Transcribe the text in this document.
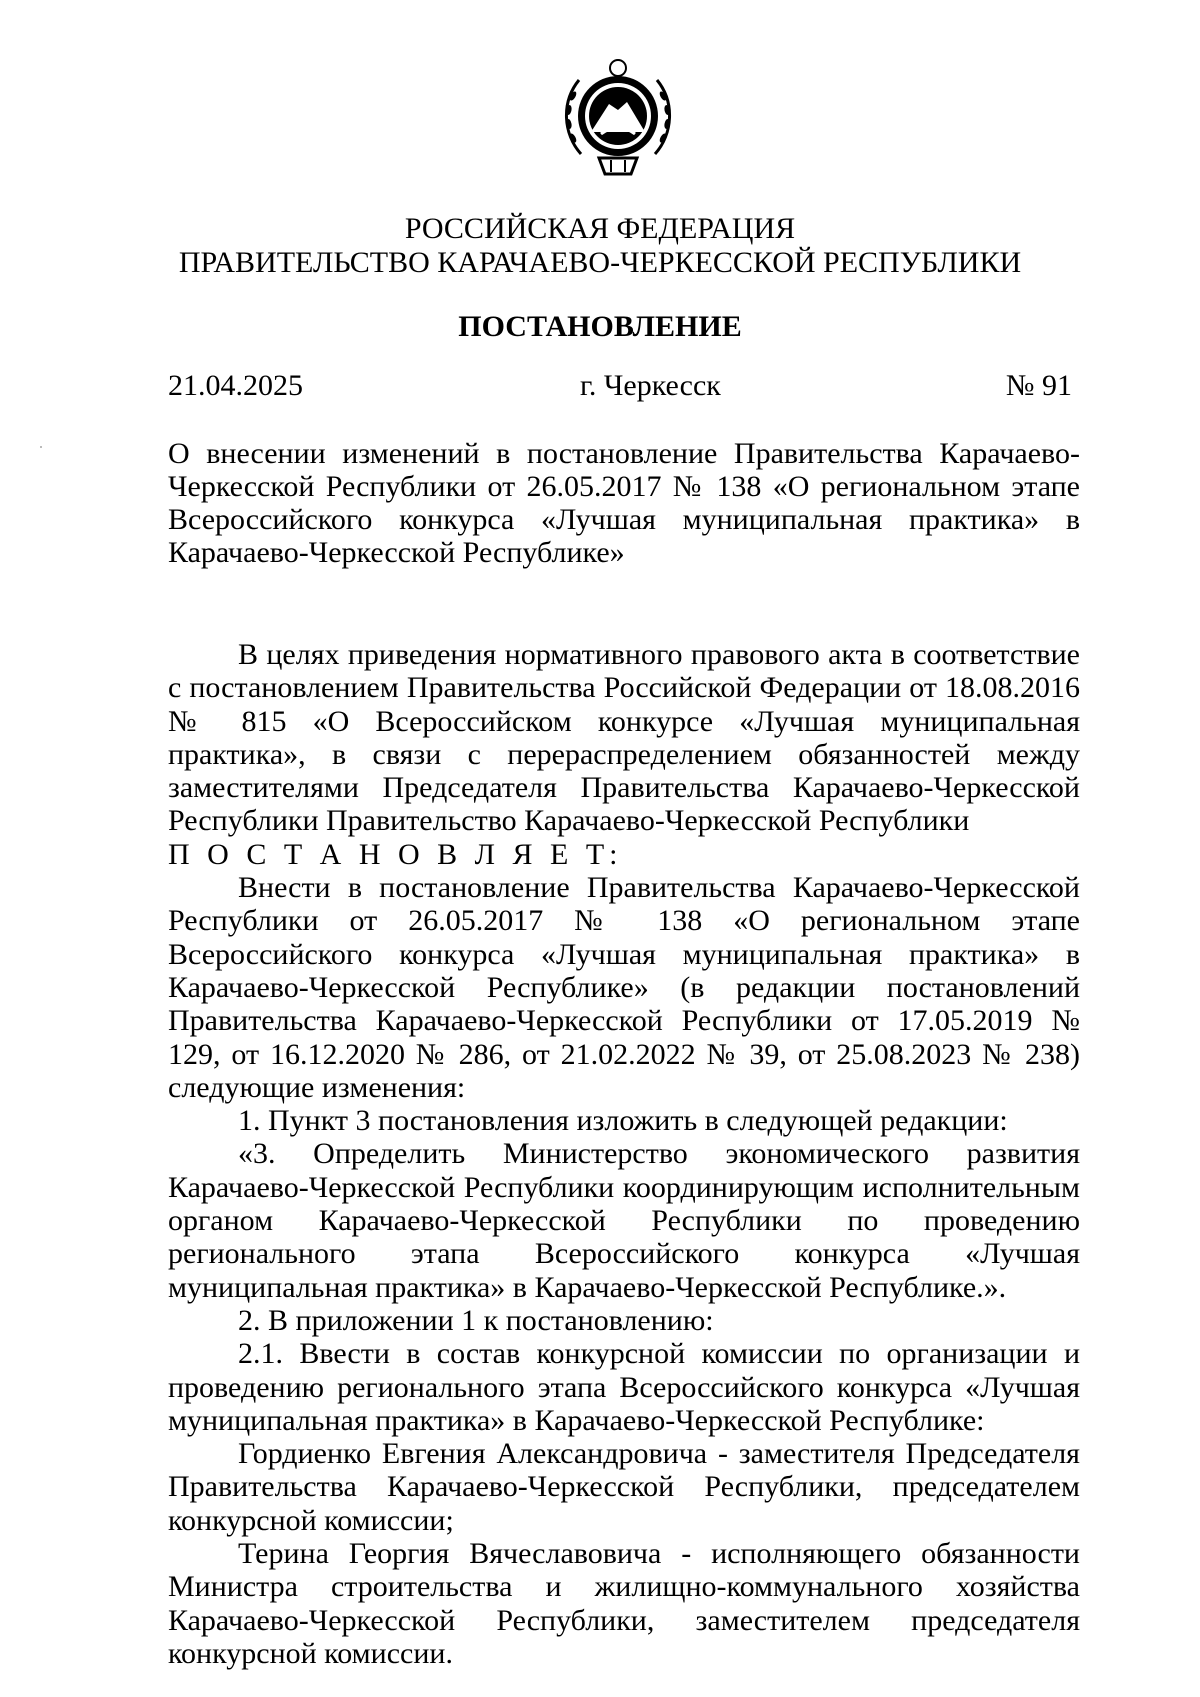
РОССИЙСКАЯ ФЕДЕРАЦИЯ
ПРАВИТЕЛЬСТВО КАРАЧАЕВО-ЧЕРКЕССКОЙ РЕСПУБЛИКИ
ПОСТАНОВЛЕНИЕ
21.04.2025	г. Черкесск	№ 91

О внесении изменений в постановление Правительства Карачаево-Черкесской Республики от 26.05.2017 № 138 «О региональном этапе Всероссийского конкурса «Лучшая муниципальная практика» в Карачаево-Черкесской Республике»

В целях приведения нормативного правового акта в соответствие с постановлением Правительства Российской Федерации от 18.08.2016 № 815 «О Всероссийском конкурсе «Лучшая муниципальная практика», в связи с перераспределением обязанностей между заместителями Председателя Правительства Карачаево-Черкесской Республики Правительство Карачаево-Черкесской Республики

П О С Т А Н О В Л Я Е Т:

Внести в постановление Правительства Карачаево-Черкесской Республики от 26.05.2017 № 138 «О региональном этапе Всероссийского конкурса «Лучшая муниципальная практика» в Карачаево-Черкесской Республике» (в редакции постановлений Правительства Карачаево-Черкесской Республики от 17.05.2019 № 129, от 16.12.2020 № 286, от 21.02.2022 № 39, от 25.08.2023 № 238) следующие изменения:

1. Пункт 3 постановления изложить в следующей редакции:

«3. Определить Министерство экономического развития Карачаево-Черкесской Республики координирующим исполнительным органом Карачаево-Черкесской Республики по проведению регионального этапа Всероссийского конкурса «Лучшая муниципальная практика» в Карачаево-Черкесской Республике.».

2. В приложении 1 к постановлению:

2.1. Ввести в состав конкурсной комиссии по организации и проведению регионального этапа Всероссийского конкурса «Лучшая муниципальная практика» в Карачаево-Черкесской Республике:

Гордиенко Евгения Александровича - заместителя Председателя Правительства Карачаево-Черкесской Республики, председателем конкурсной комиссии;

Терина Георгия Вячеславовича - исполняющего обязанности Министра строительства и жилищно-коммунального хозяйства Карачаево-Черкесской Республики, заместителем председателя конкурсной комиссии.
